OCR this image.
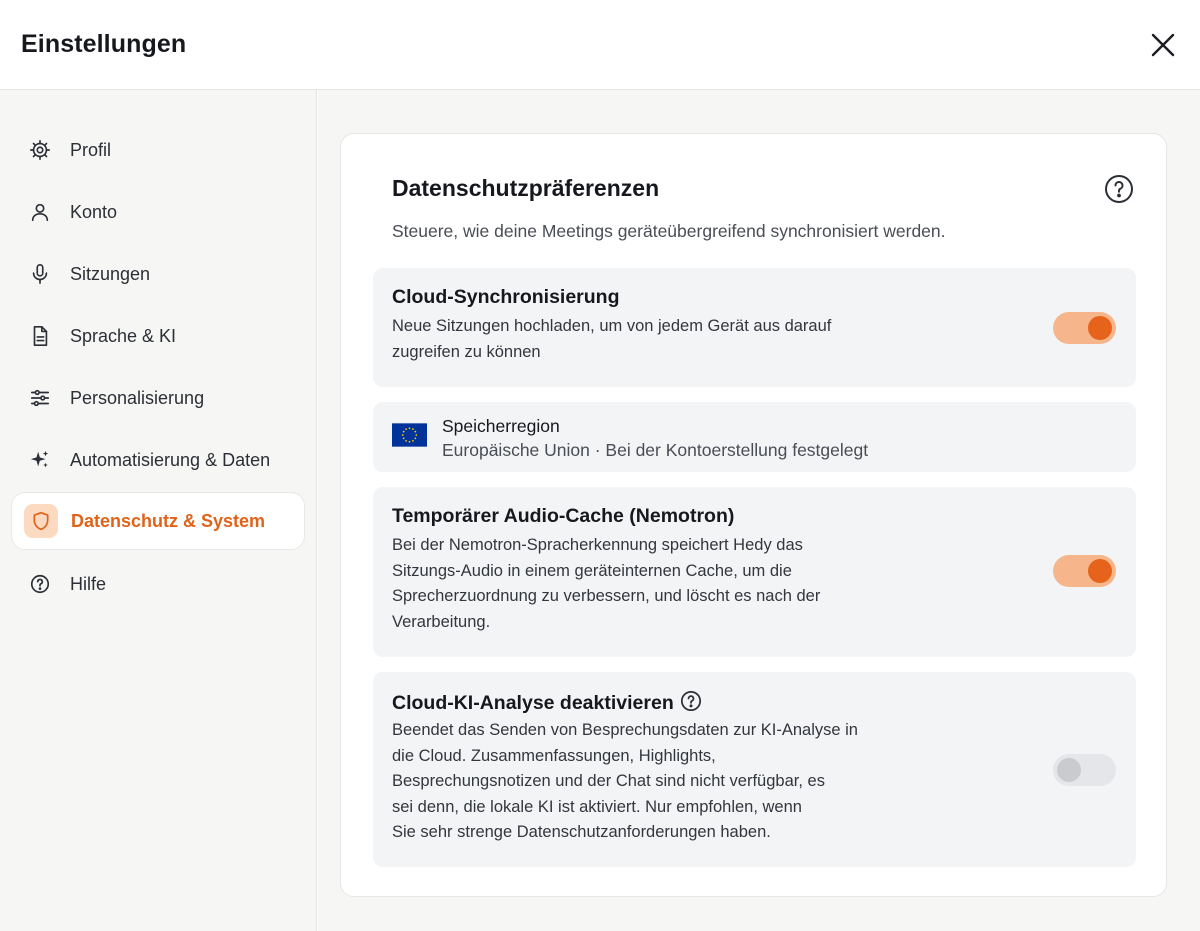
Einstellungen
Profil
Konto
Sitzungen
Sprache & KI
Personalisierung
Automatisierung & Daten
Datenschutz & System
Hilfe
Datenschutzpräferenzen
Steuere, wie deine Meetings geräteübergreifend synchronisiert werden.
Cloud-Synchronisierung
Neue Sitzungen hochladen, um von jedem Gerät aus darauf
zugreifen zu können
Speicherregion
Europäische Union · Bei der Kontoerstellung festgelegt
Temporärer Audio-Cache (Nemotron)
Bei der Nemotron-Spracherkennung speichert Hedy das
Sitzungs-Audio in einem geräteinternen Cache, um die
Sprecherzuordnung zu verbessern, und löscht es nach der
Verarbeitung.
Cloud-KI-Analyse deaktivieren
Beendet das Senden von Besprechungsdaten zur KI-Analyse in
die Cloud. Zusammenfassungen, Highlights,
Besprechungsnotizen und der Chat sind nicht verfügbar, es
sei denn, die lokale KI ist aktiviert. Nur empfohlen, wenn
Sie sehr strenge Datenschutzanforderungen haben.
